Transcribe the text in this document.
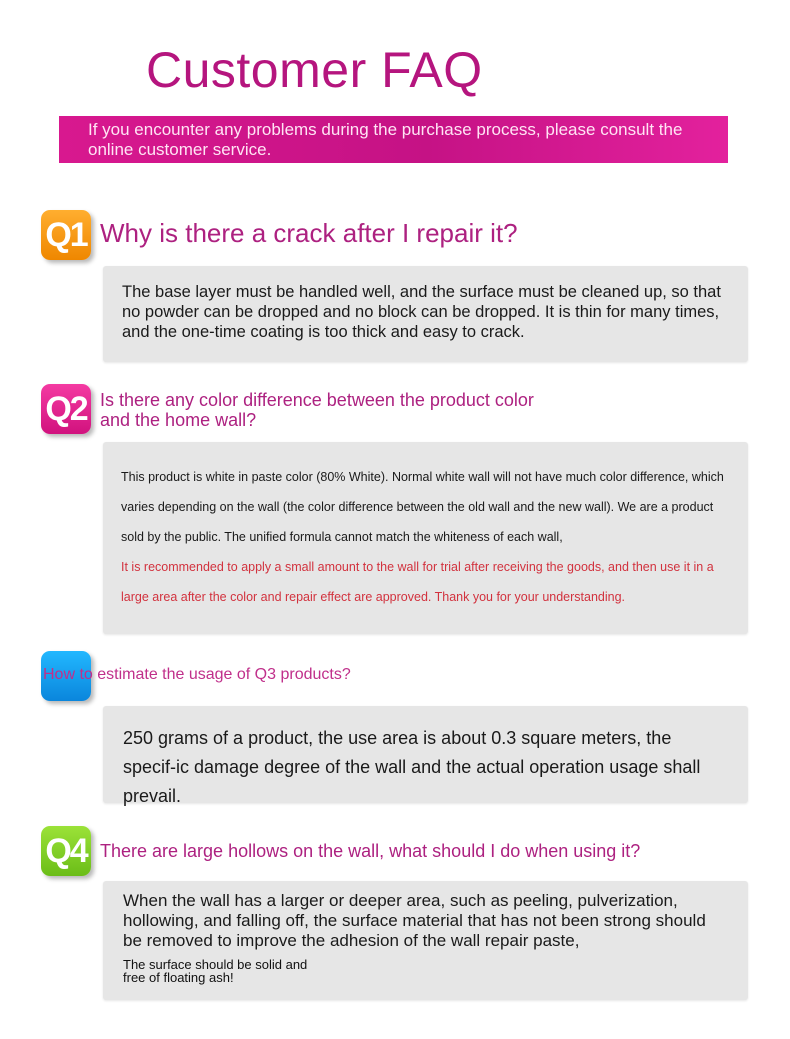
Customer FAQ
If you encounter any problems during the purchase process, please consult the online customer service.
Q1 Why is there a crack after I repair it?
The base layer must be handled well, and the surface must be cleaned up, so that no powder can be dropped and no block can be dropped. It is thin for many times, and the one-time coating is too thick and easy to crack.
Q2 Is there any color difference between the product color and the home wall?
This product is white in paste color (80% White). Normal white wall will not have much color difference, which varies depending on the wall (the color difference between the old wall and the new wall). We are a product sold by the public. The unified formula cannot match the whiteness of each wall,
It is recommended to apply a small amount to the wall for trial after receiving the goods, and then use it in a large area after the color and repair effect are approved. Thank you for your understanding.
How to estimate the usage of Q3 products?
250 grams of a product, the use area is about 0.3 square meters, the specif-ic damage degree of the wall and the actual operation usage shall prevail.
Q4 There are large hollows on the wall, what should I do when using it?
When the wall has a larger or deeper area, such as peeling, pulverization, hollowing, and falling off, the surface material that has not been strong should be removed to improve the adhesion of the wall repair paste,
The surface should be solid and
free of floating ash!
